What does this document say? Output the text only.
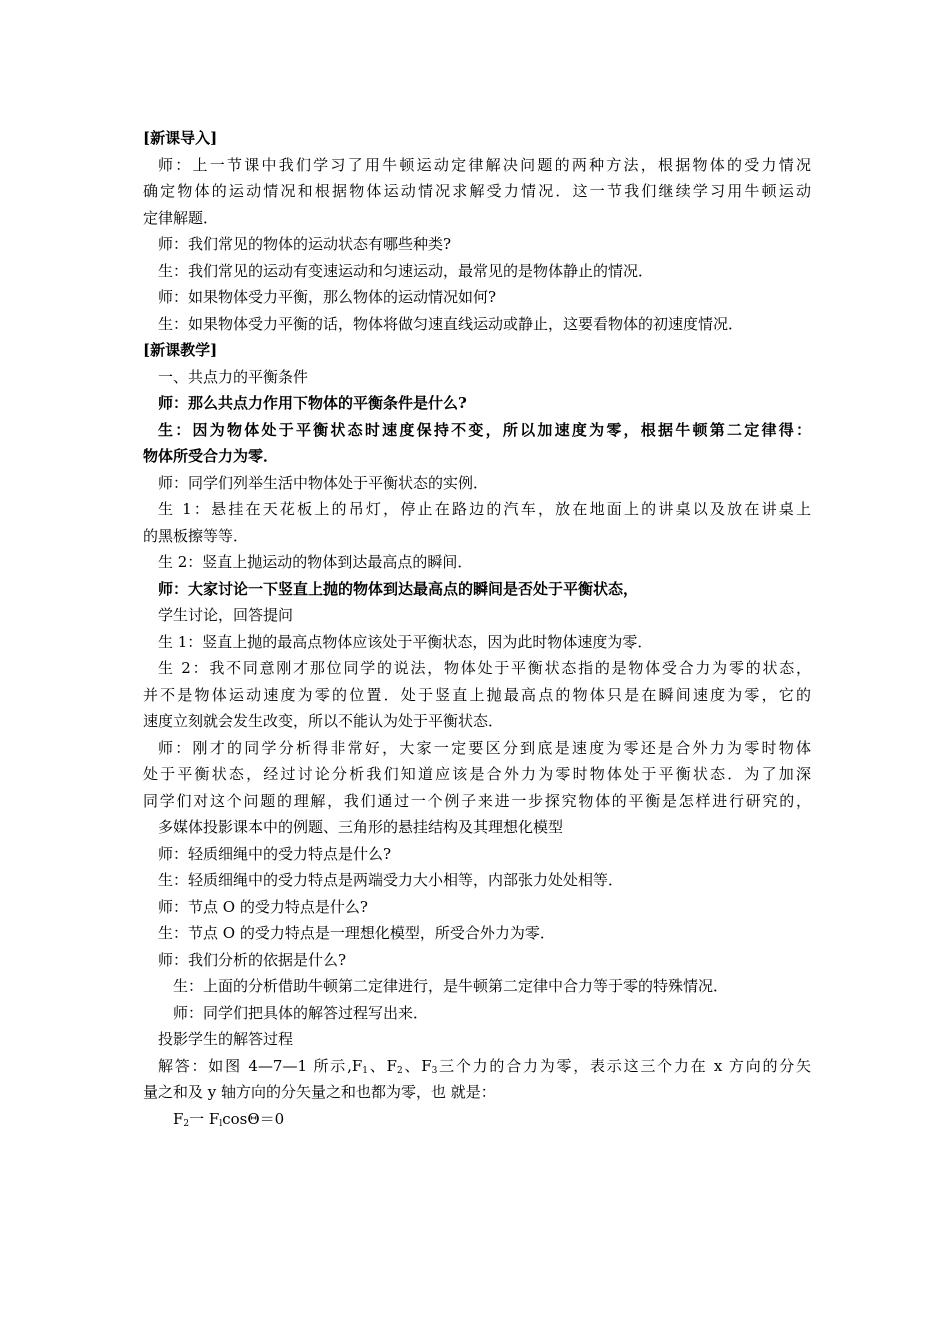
[新课导入]
师：上一节课中我们学习了用牛顿运动定律解决问题的两种方法，根据物体的受力情况
确定物体的运动情况和根据物体运动情况求解受力情况．这一节我们继续学习用牛顿运动
定律解题．
师：我们常见的物体的运动状态有哪些种类?
生：我们常见的运动有变速运动和匀速运动，最常见的是物体静止的情况．
师：如果物体受力平衡，那么物体的运动情况如何?
生：如果物体受力平衡的话，物体将做匀速直线运动或静止，这要看物体的初速度情况．
[新课教学]
一、共点力的平衡条件
师：那么共点力作用下物体的平衡条件是什么?
生：因为物体处于平衡状态时速度保持不变，所以加速度为零，根据牛顿第二定律得：
物体所受合力为零．
师：同学们列举生活中物体处于平衡状态的实例．
生 1：悬挂在天花板上的吊灯，停止在路边的汽车，放在地面上的讲桌以及放在讲桌上
的黑板擦等等．
生 2：竖直上抛运动的物体到达最高点的瞬间．
师：大家讨论一下竖直上抛的物体到达最高点的瞬间是否处于平衡状态，
学生讨论，回答提问
生 1：竖直上抛的最高点物体应该处于平衡状态，因为此时物体速度为零．
生 2：我不同意刚才那位同学的说法，物体处于平衡状态指的是物体受合力为零的状态，
并不是物体运动速度为零的位置．处于竖直上抛最高点的物体只是在瞬间速度为零，它的
速度立刻就会发生改变，所以不能认为处于平衡状态．
师：刚才的同学分析得非常好，大家一定要区分到底是速度为零还是合外力为零时物体
处于平衡状态，经过讨论分析我们知道应该是合外力为零时物体处于平衡状态．为了加深
同学们对这个问题的理解，我们通过一个例子来进一步探究物体的平衡是怎样进行研究的，
多媒体投影课本中的例题、三角形的悬挂结构及其理想化模型
师：轻质细绳中的受力特点是什么?
生：轻质细绳中的受力特点是两端受力大小相等，内部张力处处相等．
师：节点 O 的受力特点是什么?
生：节点 O 的受力特点是一理想化模型，所受合外力为零．
师：我们分析的依据是什么?
生：上面的分析借助牛顿第二定律进行，是牛顿第二定律中合力等于零的特殊情况．
师：同学们把具体的解答过程写出来．
投影学生的解答过程
解答：如图 4—7—1 所示$,F_1$、$F_2$、$F_3$三个力的合力为零，表示这三个力在 x 方向的分矢
量之和及 y 轴方向的分矢量之和也都为零，也 就是：
$F_2$一 $F_l\cos\Theta=0$
